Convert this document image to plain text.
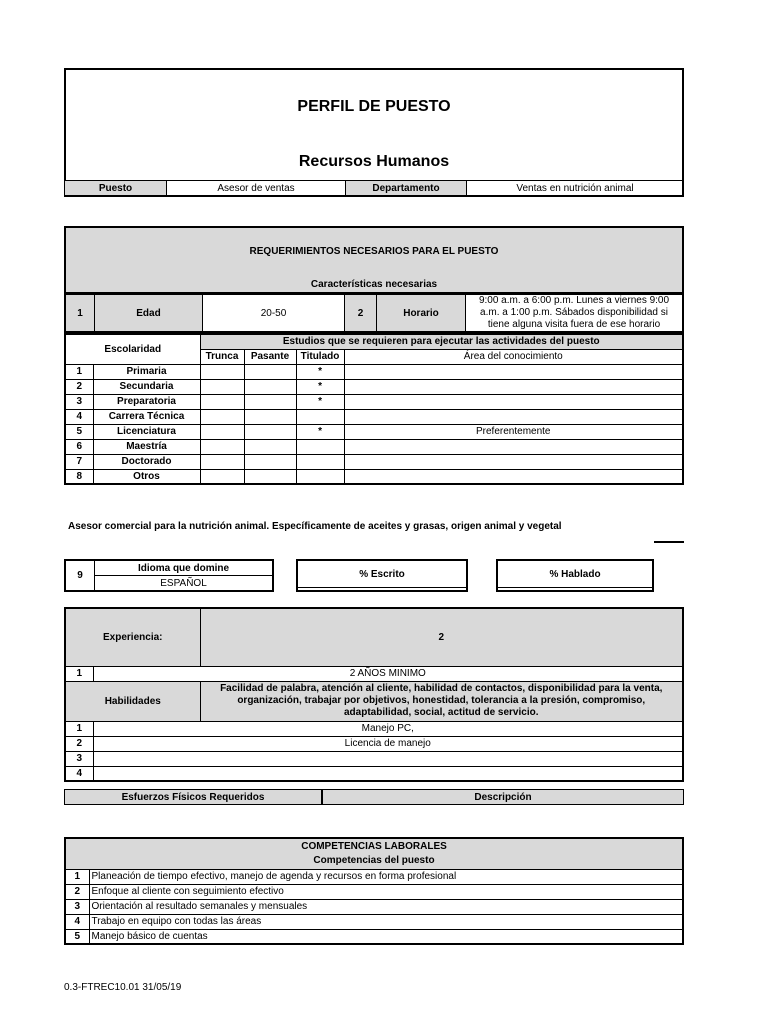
PERFIL DE PUESTO
Recursos Humanos
Puesto	Asesor de ventas	Departamento	Ventas en nutrición animal
REQUERIMIENTOS NECESARIOS PARA EL PUESTO
Características necesarias
1	Edad	20-50	2	Horario	9:00 a.m. a 6:00 p.m. Lunes a viernes 9:00 a.m. a 1:00 p.m. Sábados disponibilidad si tiene alguna visita fuera de ese horario
Escolaridad		Estudios que se requieren para ejecutar las actividades del puesto			
		Trunca	Pasante	Titulado	Área del conocimiento
1	Primaria			*	
2	Secundaria			*	
3	Preparatoria			*	
4	Carrera Técnica				
5	Licenciatura			*	Preferentemente
6	Maestría				
7	Doctorado				
8	Otros				
Asesor comercial para la nutrición animal. Específicamente de aceites y grasas, origen animal y vegetal
9	Idioma que domine
ESPAÑOL
% Escrito	% Hablado

Experiencia:		2
1	2 AÑOS MINIMO	
Habilidades		Facilidad de palabra, atención al cliente, habilidad de contactos, disponibilidad para la venta, organización, trabajar por objetivos, honestidad, tolerancia a la presión, compromiso, adaptabilidad, social, actitud de servicio.
1	Manejo PC,	
2	Licencia de manejo	
3		
4		
Esfuerzos Físicos Requeridos	Descripción
COMPETENCIAS LABORALES	
Competencias del puesto	
1	Planeación de tiempo efectivo, manejo de agenda y recursos en forma profesional
2	Enfoque al cliente con seguimiento efectivo
3	Orientación al resultado semanales y mensuales
4	Trabajo en equipo con todas las áreas
5	Manejo básico de cuentas
0.3-FTREC10.01 31/05/19
